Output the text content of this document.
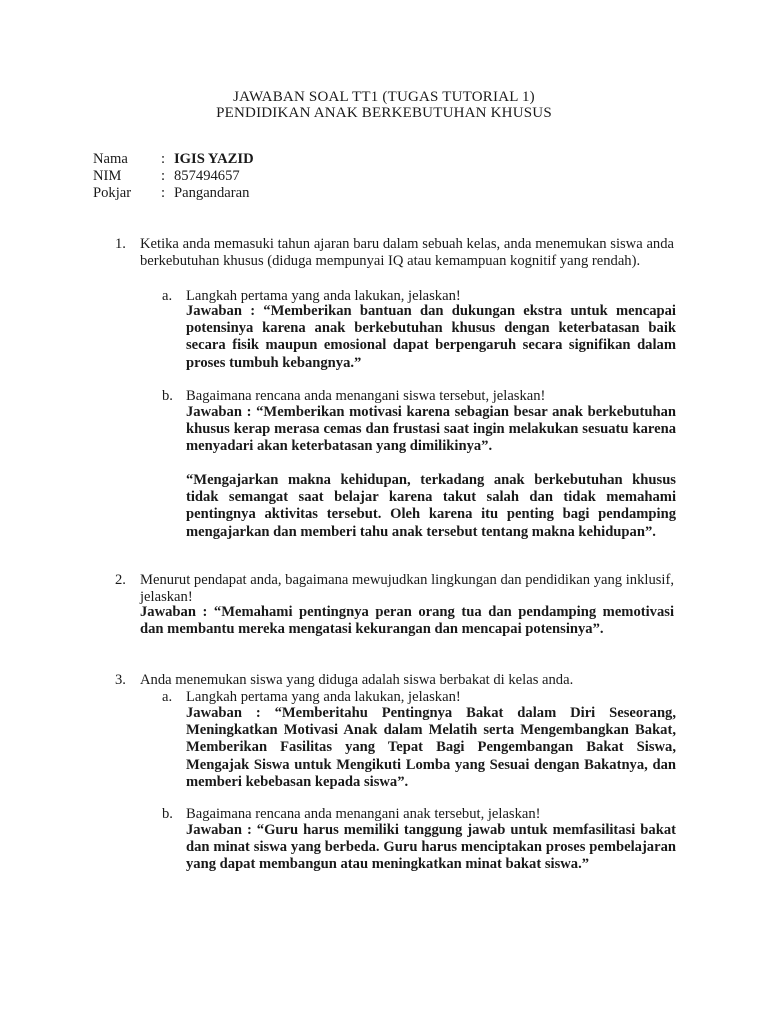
JAWABAN SOAL TT1 (TUGAS TUTORIAL 1)
PENDIDIKAN ANAK BERKEBUTUHAN KHUSUS
Nama : IGIS YAZID
NIM	: 857494657
Pokjar : Pangandaran
1. Ketika anda memasuki tahun ajaran baru dalam sebuah kelas, anda menemukan siswa anda berkebutuhan khusus (diduga mempunyai IQ atau kemampuan kognitif yang rendah).
a. Langkah pertama yang anda lakukan, jelaskan!
Jawaban : “Memberikan bantuan dan dukungan ekstra untuk mencapai potensinya karena anak berkebutuhan khusus dengan keterbatasan baik secara fisik maupun emosional dapat berpengaruh secara signifikan dalam proses tumbuh kebangnya.”
b. Bagaimana rencana anda menangani siswa tersebut, jelaskan!
Jawaban : “Memberikan motivasi karena sebagian besar anak berkebutuhan khusus kerap merasa cemas dan frustasi saat ingin melakukan sesuatu karena menyadari akan keterbatasan yang dimilikinya”.
“Mengajarkan makna kehidupan, terkadang anak berkebutuhan khusus tidak semangat saat belajar karena takut salah dan tidak memahami pentingnya aktivitas tersebut. Oleh karena itu penting bagi pendamping mengajarkan dan memberi tahu anak tersebut tentang makna kehidupan”.
2. Menurut pendapat anda, bagaimana mewujudkan lingkungan dan pendidikan yang inklusif, jelaskan!
Jawaban : “Memahami pentingnya peran orang tua dan pendamping memotivasi dan membantu mereka mengatasi kekurangan dan mencapai potensinya”.
3. Anda menemukan siswa yang diduga adalah siswa berbakat di kelas anda.
a. Langkah pertama yang anda lakukan, jelaskan!
Jawaban : “Memberitahu Pentingnya Bakat dalam Diri Seseorang, Meningkatkan Motivasi Anak dalam Melatih serta Mengembangkan Bakat, Memberikan Fasilitas yang Tepat Bagi Pengembangan Bakat Siswa, Mengajak Siswa untuk Mengikuti Lomba yang Sesuai dengan Bakatnya, dan memberi kebebasan kepada siswa”.
b. Bagaimana rencana anda menangani anak tersebut, jelaskan!
Jawaban : “Guru harus memiliki tanggung jawab untuk memfasilitasi bakat dan minat siswa yang berbeda. Guru harus menciptakan proses pembelajaran yang dapat membangun atau meningkatkan minat bakat siswa.”
